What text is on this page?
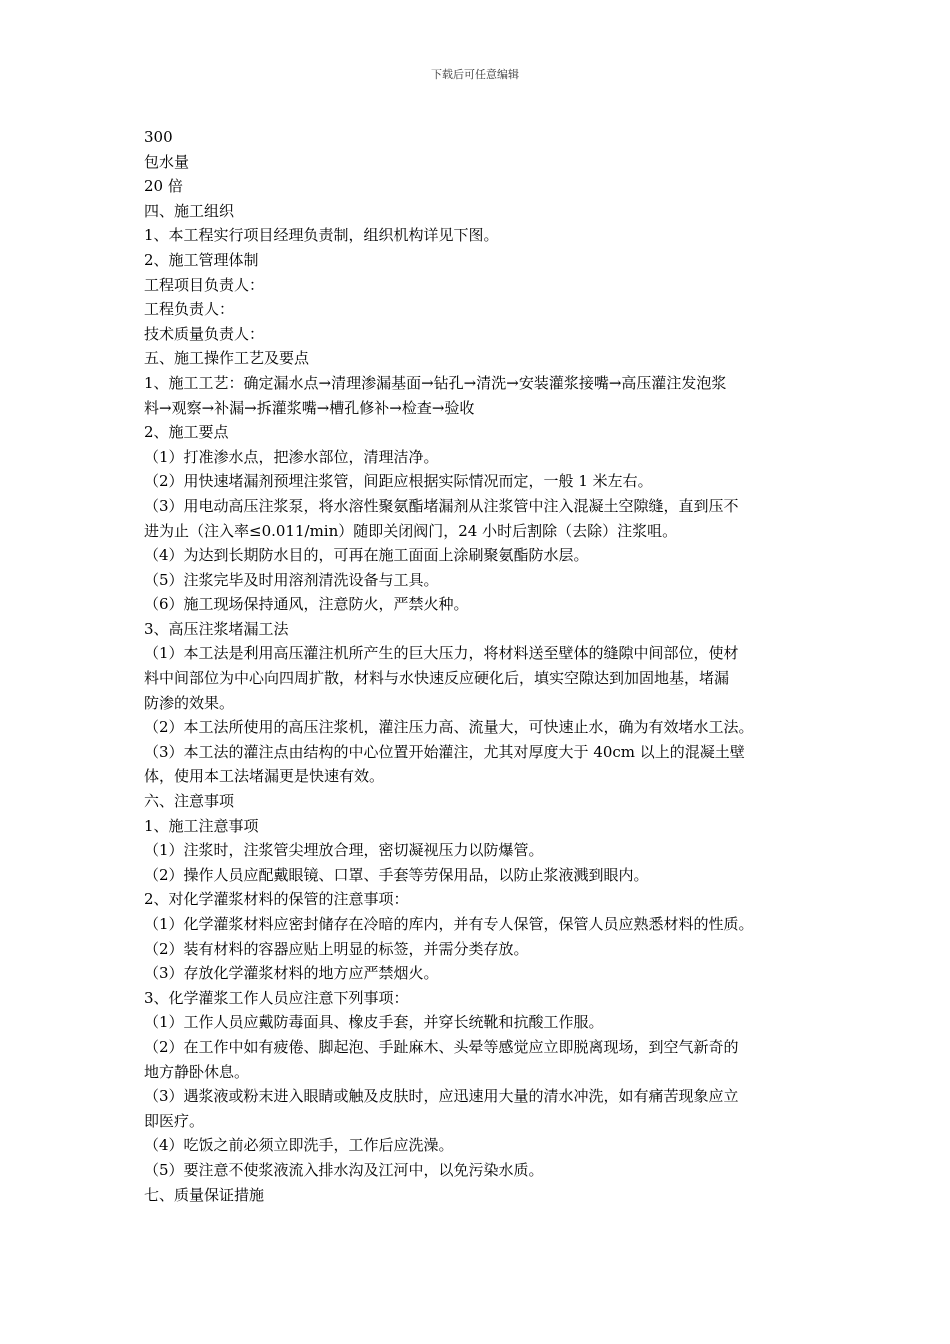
下载后可任意编辑
300
包水量
20 倍
四、施工组织
1、本工程实行项目经理负责制，组织机构详见下图。
2、施工管理体制
工程项目负责人：
工程负责人：
技术质量负责人：
五、施工操作工艺及要点
1、施工工艺：确定漏水点→清理渗漏基面→钻孔→清洗→安装灌浆接嘴→高压灌注发泡浆
料→观察→补漏→拆灌浆嘴→槽孔修补→检查→验收
2、施工要点
（1）打准渗水点，把渗水部位，清理洁净。
（2）用快速堵漏剂预埋注浆管，间距应根据实际情况而定，一般 1 米左右。
（3）用电动高压注浆泵，将水溶性聚氨酯堵漏剂从注浆管中注入混凝土空隙缝，直到压不
进为止（注入率≤0.011/min）随即关闭阀门，24 小时后割除（去除）注浆咀。
（4）为达到长期防水目的，可再在施工面面上涂刷聚氨酯防水层。
（5）注浆完毕及时用溶剂清洗设备与工具。
（6）施工现场保持通风，注意防火，严禁火种。
3、高压注浆堵漏工法
（1）本工法是利用高压灌注机所产生的巨大压力，将材料送至壁体的缝隙中间部位，使材
料中间部位为中心向四周扩散，材料与水快速反应硬化后，填实空隙达到加固地基，堵漏
防渗的效果。
（2）本工法所使用的高压注浆机，灌注压力高、流量大，可快速止水，确为有效堵水工法。
（3）本工法的灌注点由结构的中心位置开始灌注，尤其对厚度大于 40cm 以上的混凝土壁
体，使用本工法堵漏更是快速有效。
六、注意事项
1、施工注意事项
（1）注浆时，注浆管尖埋放合理，密切凝视压力以防爆管。
（2）操作人员应配戴眼镜、口罩、手套等劳保用品，以防止浆液溅到眼内。
2、对化学灌浆材料的保管的注意事项：
（1）化学灌浆材料应密封储存在冷暗的库内，并有专人保管，保管人员应熟悉材料的性质。
（2）装有材料的容器应贴上明显的标签，并需分类存放。
（3）存放化学灌浆材料的地方应严禁烟火。
3、化学灌浆工作人员应注意下列事项：
（1）工作人员应戴防毒面具、橡皮手套，并穿长统靴和抗酸工作服。
（2）在工作中如有疲倦、脚起泡、手趾麻木、头晕等感觉应立即脱离现场，到空气新奇的
地方静卧休息。
（3）遇浆液或粉末进入眼睛或触及皮肤时，应迅速用大量的清水冲洗，如有痛苦现象应立
即医疗。
（4）吃饭之前必须立即洗手，工作后应洗澡。
（5）要注意不使浆液流入排水沟及江河中，以免污染水质。
七、质量保证措施
